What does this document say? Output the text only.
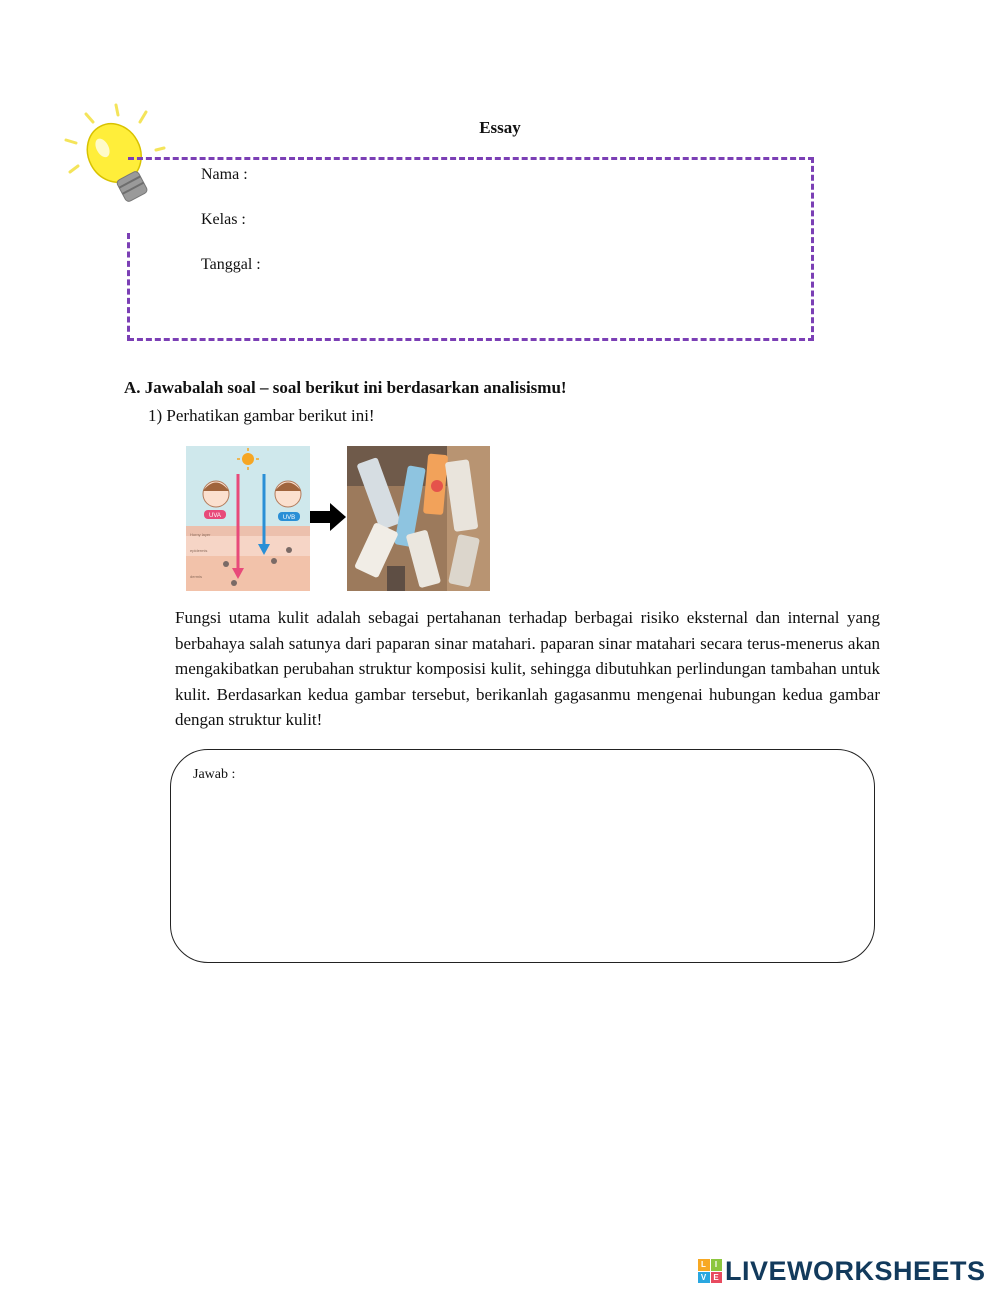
Essay
Nama :
Kelas :
Tanggal :
A. Jawabalah soal – soal berikut ini berdasarkan analisismu!
1) Perhatikan gambar berikut ini!
UVA	UVB
Horny layer
epidermis
dermis
Fungsi utama kulit adalah sebagai pertahanan terhadap berbagai risiko eksternal dan internal yang berbahaya salah satunya dari paparan sinar matahari. paparan sinar matahari secara terus-menerus akan mengakibatkan perubahan struktur komposisi kulit, sehingga dibutuhkan perlindungan tambahan untuk kulit. Berdasarkan kedua gambar tersebut, berikanlah gagasanmu mengenai hubungan kedua gambar dengan struktur kulit!
Jawab :
L	I
V E LIVEWORKSHEETS
